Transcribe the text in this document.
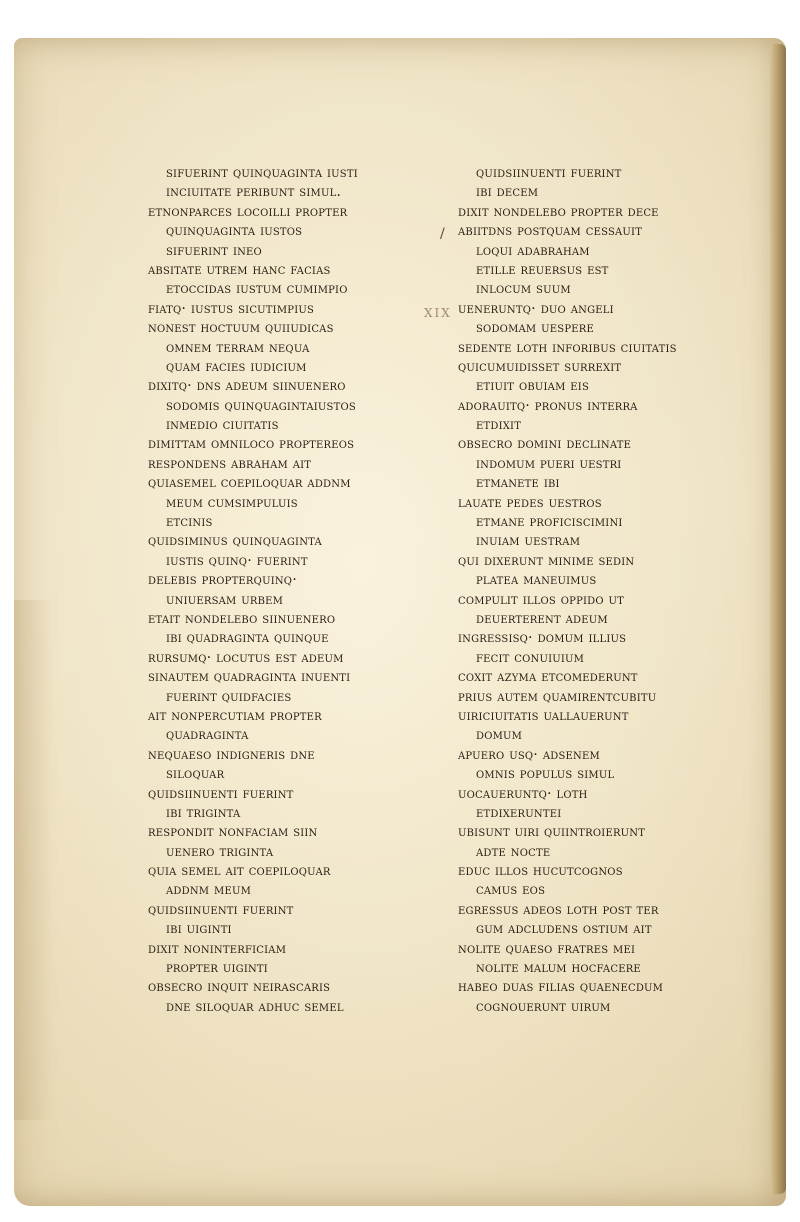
sifuerint quinquaginta iusti
inciuitate peribunt simul.
etnonparces locoilli propter
quinquaginta iustos
sifuerint ineo
absitate utrem hanc facias
etoccidas iustum cumimpio
fiatq· iustus sicutimpius
nonest hoctuum quiiudicas
omnem terram nequa
quam facies iudicium
dixitq· dns adeum siinuenero
sodomis quinquagintaiustos
inmedio ciuitatis
dimittam omniloco proptereos
respondens abraham ait
quiasemel coepiloquar addnm
meum cumsimpuluis
etcinis
quidsiminus quinquaginta
iustis quinq· fuerint
delebis propterquinq·
uniuersam urbem
etait nondelebo siinuenero
ibi quadraginta quinque
rursumq· locutus est adeum
sinautem quadraginta inuenti
fuerint quidfacies
ait nonpercutiam propter
quadraginta
nequaeso indigneris dne
siloquar
quidsiinuenti fuerint
ibi triginta
respondit nonfaciam siin
uenero triginta
quia semel ait coepiloquar
addnm meum
quidsiinuenti fuerint
ibi uiginti
dixit noninterficiam
propter uiginti
obsecro inquit neirascaris
dne siloquar adhuc semel
quidsiinuenti fuerint
ibi decem
dixit nondelebo propter dece
abiitdns postquam cessauit
loqui adabraham
etille reuersus est
inlocum suum
ueneruntq· duo angeli
sodomam uespere
sedente loth inforibus ciuitatis
quicumuidisset surrexit
etiuit obuiam eis
adorauitq· pronus interra
etdixit
obsecro domini declinate
indomum pueri uestri
etmanete ibi
lauate pedes uestros
etmane proficiscimini
inuiam uestram
qui dixerunt minime sedin
platea maneuimus
compulit illos oppido ut
deuerterent adeum
ingressisq· domum illius
fecit conuiuium
coxit azyma etcomederunt
prius autem quamirentcubitu
uiriciuitatis uallauerunt
domum
apuero usq· adsenem
omnis populus simul
uocaueruntq· loth
etdixeruntei
ubisunt uiri quiintroierunt
adte nocte
educ illos hucutcognos
camus eos
egressus adeos loth post ter
gum adcludens ostium ait
nolite quaeso fratres mei
nolite malum hocfacere
habeo duas filias quaenecdum
cognouerunt uirum
/
XIX
